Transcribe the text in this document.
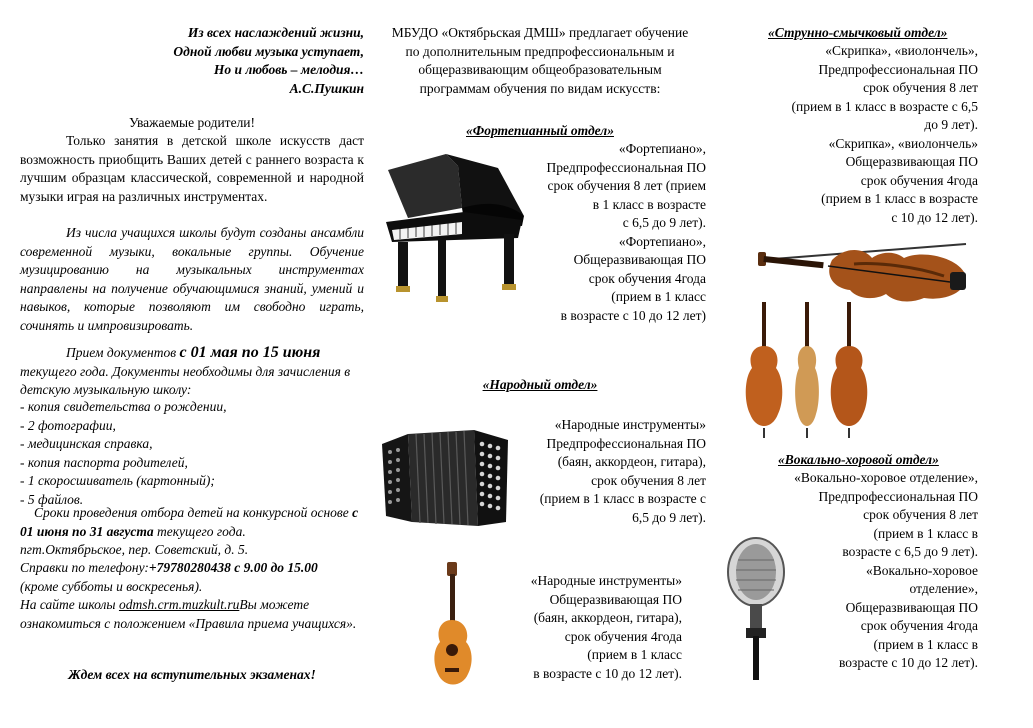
Из всех наслаждений жизни,
Одной любви музыка уступает,
Но и любовь – мелодия…
А.С.Пушкин
Уважаемые родители!
Только занятия в детской школе искусств даст возможность приобщить Ваших детей с раннего возраста к лучшим образцам классической, современной и народной музыки играя на различных инструментах.
Из числа учащихся школы будут созданы ансамбли современной музыки, вокальные группы. Обучение музицированию на музыкальных инструментах направлены на получение обучающимися знаний, умений и навыков, которые позволяют им свободно играть, сочинять и импровизировать.
Прием документов с 01 мая по 15 июня текущего года. Документы необходимы для зачисления в детскую музыкальную школу:
- копия свидетельства о рождении,
- 2 фотографии,
- медицинская справка,
- копия паспорта родителей,
- 1 скоросшиватель (картонный);
- 5 файлов.
Сроки проведения отбора детей на конкурсной основе с 01 июня по 31 августа текущего года.
пгт.Октябрьское, пер. Советский, д. 5.
Справки по телефону:+79780280438 с 9.00 до 15.00
(кроме субботы и воскресенья).
На сайте школы odmsh.crm.muzkult.ruВы можете ознакомиться с положением «Правила приема учащихся».
Ждем всех на вступительных экзаменах!
МБУДО «Октябрьская ДМШ» предлагает обучение
по дополнительным предпрофессиональным и
общеразвивающим общеобразовательным
программам обучения по видам искусств:
«Фортепианный отдел»
«Фортепиано»,
Предпрофессиональная ПО
срок обучения 8 лет (прием
в 1 класс в возрасте
с 6,5 до 9 лет).
«Фортепиано»,
Общеразвивающая ПО
срок обучения 4года
(прием в 1 класс
в возрасте с 10 до 12 лет)
«Народный отдел»
«Народные инструменты»
Предпрофессиональная ПО
(баян, аккордеон, гитара),
срок обучения 8 лет
(прием в 1 класс в возрасте с
6,5 до 9 лет).
«Народные инструменты»
Общеразвивающая ПО
(баян, аккордеон, гитара),
срок обучения 4года
(прием в 1 класс
в возрасте с 10 до 12 лет).
«Струнно-смычковый отдел»
«Скрипка», «виолончель»,
Предпрофессиональная ПО
срок обучения 8 лет
(прием в 1 класс в возрасте с 6,5
до 9 лет).
«Скрипка», «виолончель»
Общеразвивающая ПО
срок обучения 4года
(прием в 1 класс в возрасте
с 10 до 12 лет).
«Вокально-хоровой отдел»
«Вокально-хоровое отделение»,
Предпрофессиональная ПО
срок обучения 8 лет
(прием в 1 класс в
возрасте с 6,5 до 9 лет).
«Вокально-хоровое
отделение»,
Общеразвивающая ПО
срок обучения 4года
(прием в 1 класс в
возрасте с 10 до 12 лет).
